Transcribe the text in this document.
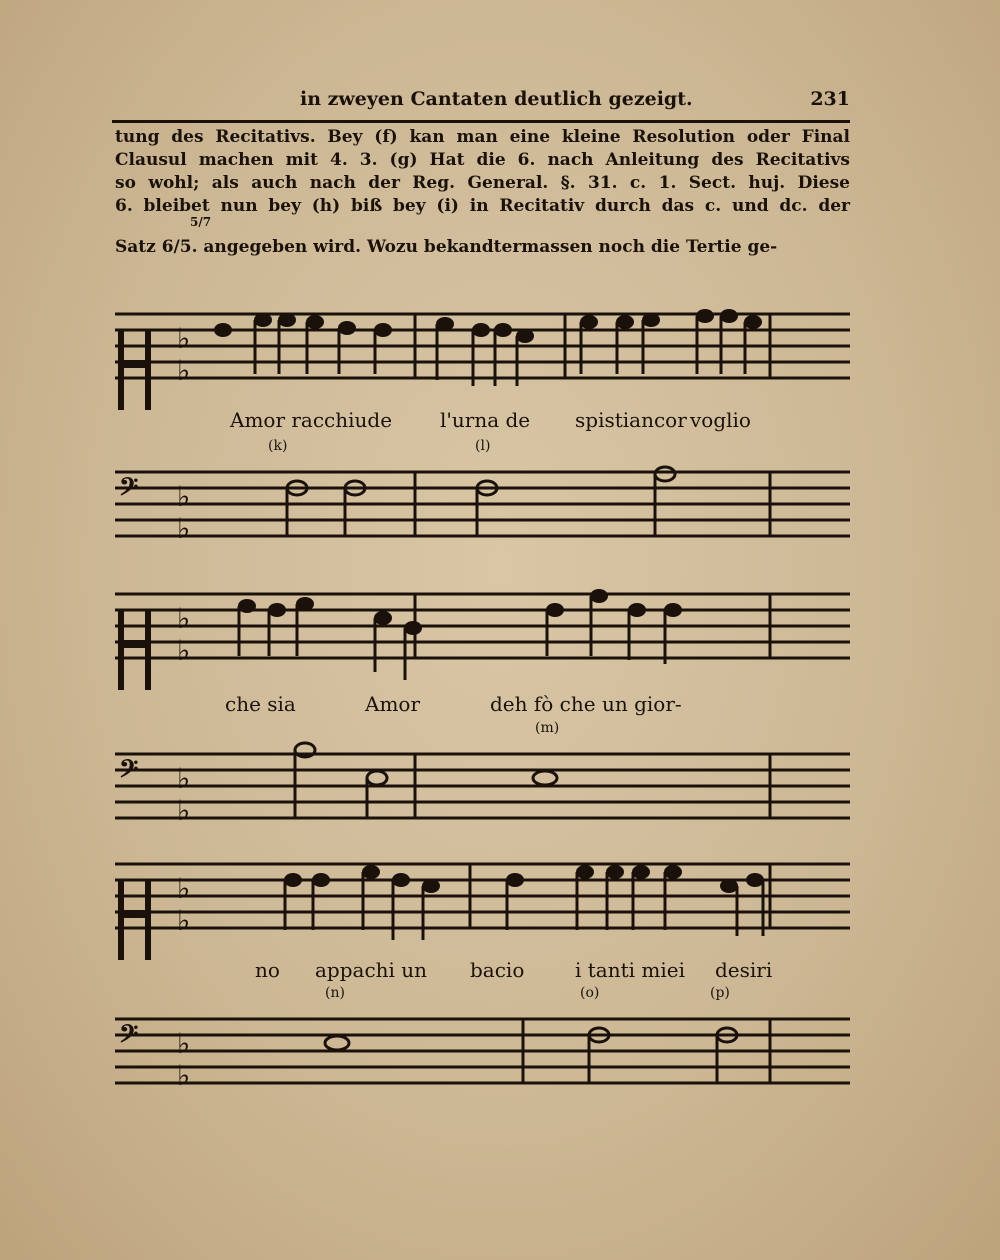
in zweyen Cantaten deutlich gezeigt.	231
tung des Recitativs. Bey (f) kan man eine kleine Resolution oder Final
Clausul machen mit 4. 3. (g) Hat die 6. nach Anleitung des Recitativs
so wohl; als auch nach der Reg. General. §. 31. c. 1. Sect. huj. Diese
6. bleibet nun bey (h) biß bey (i) in Recitativ durch das c. und dc. der
5/7
Satz 6/5. angegeben wird. Wozu bekandtermassen noch die Tertie ge-
♭
♭
Amor racchiude l'urna de spistiancor voglio
(k)	(l)
𝄢 ♭
♭
♭
♭
che sia	Amor	deh fò che un gior-
(m)
𝄢 ♭
♭
♭
♭
no appachi un bacio	i tanti miei desiri
(n)	(o)	(p)
𝄢 ♭
♭
